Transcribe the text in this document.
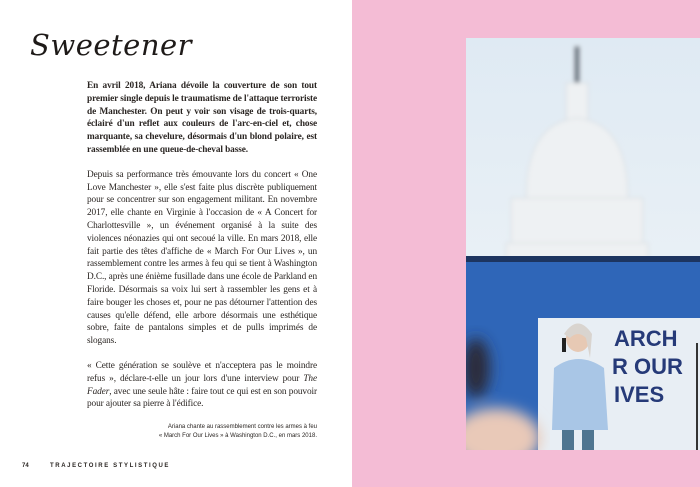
Sweetener

En avril 2018, Ariana dévoile la couverture de son tout premier single depuis le traumatisme de l'attaque terroriste de Manchester. On peut y voir son visage de trois-quarts, éclairé d'un reflet aux couleurs de l'arc-en-ciel et, chose marquante, sa chevelure, désormais d'un blond polaire, est rassemblée en une queue-de-cheval basse.

Depuis sa performance très émouvante lors du concert « One Love Manchester », elle s'est faite plus discrète publiquement pour se concentrer sur son engagement militant. En novembre 2017, elle chante en Virginie à l'occasion de « A Concert for Charlottesville », un événement organisé à la suite des violences néonazies qui ont secoué la ville. En mars 2018, elle fait partie des têtes d'affiche de « March For Our Lives », un rassemblement contre les armes à feu qui se tient à Washington D.C., après une énième fusillade dans une école de Parkland en Floride. Désormais sa voix lui sert à rassembler les gens et à faire bouger les choses et, pour ne pas détourner l'attention des causes qu'elle défend, elle arbore désormais une esthétique sobre, faite de pantalons simples et de pulls imprimés de slogans.

« Cette génération se soulève et n'acceptera pas le moindre refus », déclare-t-elle un jour lors d'une interview pour The Fader, avec une seule hâte : faire tout ce qui est en son pouvoir pour ajouter sa pierre à l'édifice.

Ariana chante au rassemblement contre les armes à feu
« March For Our Lives » à Washington D.C., en mars 2018.
74	TRAJECTOIRE STYLISTIQUE
ARCH
R OUR
IVES
